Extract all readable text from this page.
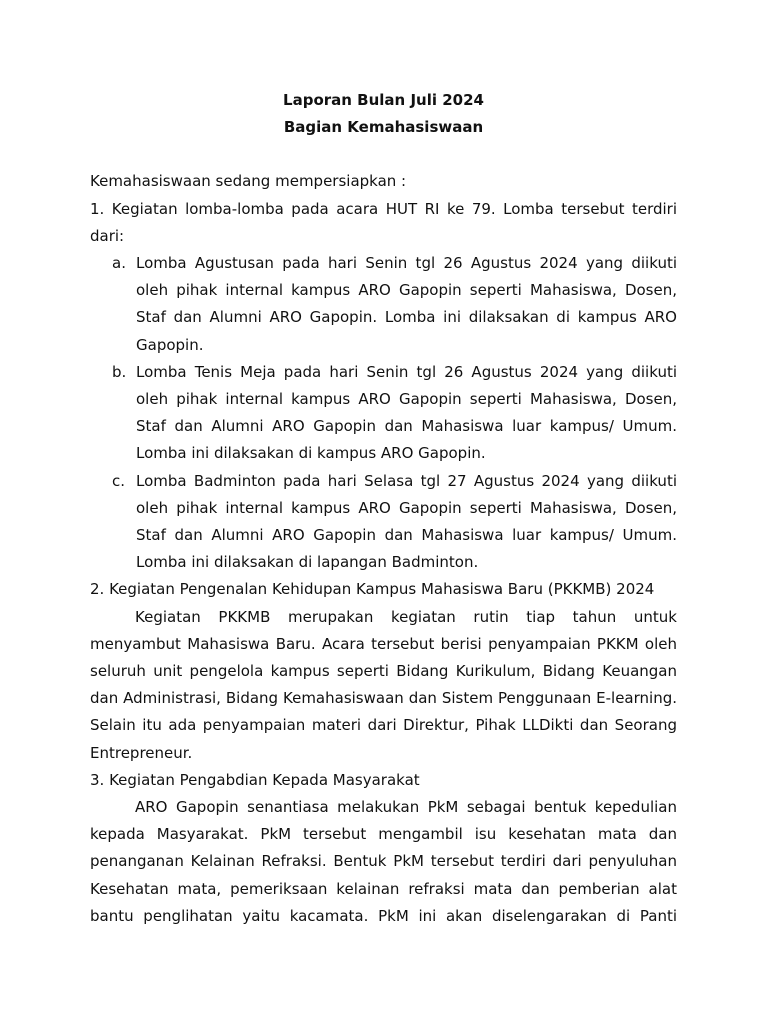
Laporan Bulan Juli 2024

Bagian Kemahasiswaan

Kemahasiswaan sedang mempersiapkan :

1. Kegiatan lomba-lomba pada acara HUT RI ke 79. Lomba tersebut terdiri dari:

a. Lomba Agustusan pada hari Senin tgl 26 Agustus 2024 yang diikuti oleh pihak internal kampus ARO Gapopin seperti Mahasiswa, Dosen, Staf dan Alumni ARO Gapopin. Lomba ini dilaksakan di kampus ARO Gapopin.
b. Lomba Tenis Meja pada hari Senin tgl 26 Agustus 2024 yang diikuti oleh pihak internal kampus ARO Gapopin seperti Mahasiswa, Dosen, Staf dan Alumni ARO Gapopin dan Mahasiswa luar kampus/ Umum. Lomba ini dilaksakan di kampus ARO Gapopin.
c. Lomba Badminton pada hari Selasa tgl 27 Agustus 2024 yang diikuti oleh pihak internal kampus ARO Gapopin seperti Mahasiswa, Dosen, Staf dan Alumni ARO Gapopin dan Mahasiswa luar kampus/ Umum. Lomba ini dilaksakan di lapangan Badminton.

2. Kegiatan Pengenalan Kehidupan Kampus Mahasiswa Baru (PKKMB) 2024

Kegiatan PKKMB merupakan kegiatan rutin tiap tahun untuk menyambut Mahasiswa Baru. Acara tersebut berisi penyampaian PKKM oleh seluruh unit pengelola kampus seperti Bidang Kurikulum, Bidang Keuangan dan Administrasi, Bidang Kemahasiswaan dan Sistem Penggunaan E-learning. Selain itu ada penyampaian materi dari Direktur, Pihak LLDikti dan Seorang Entrepreneur.

3. Kegiatan Pengabdian Kepada Masyarakat

ARO Gapopin senantiasa melakukan PkM sebagai bentuk kepedulian kepada Masyarakat. PkM tersebut mengambil isu kesehatan mata dan penanganan Kelainan Refraksi. Bentuk PkM tersebut terdiri dari penyuluhan Kesehatan mata, pemeriksaan kelainan refraksi mata dan pemberian alat bantu penglihatan yaitu kacamata. PkM ini akan diselengarakan di Panti
